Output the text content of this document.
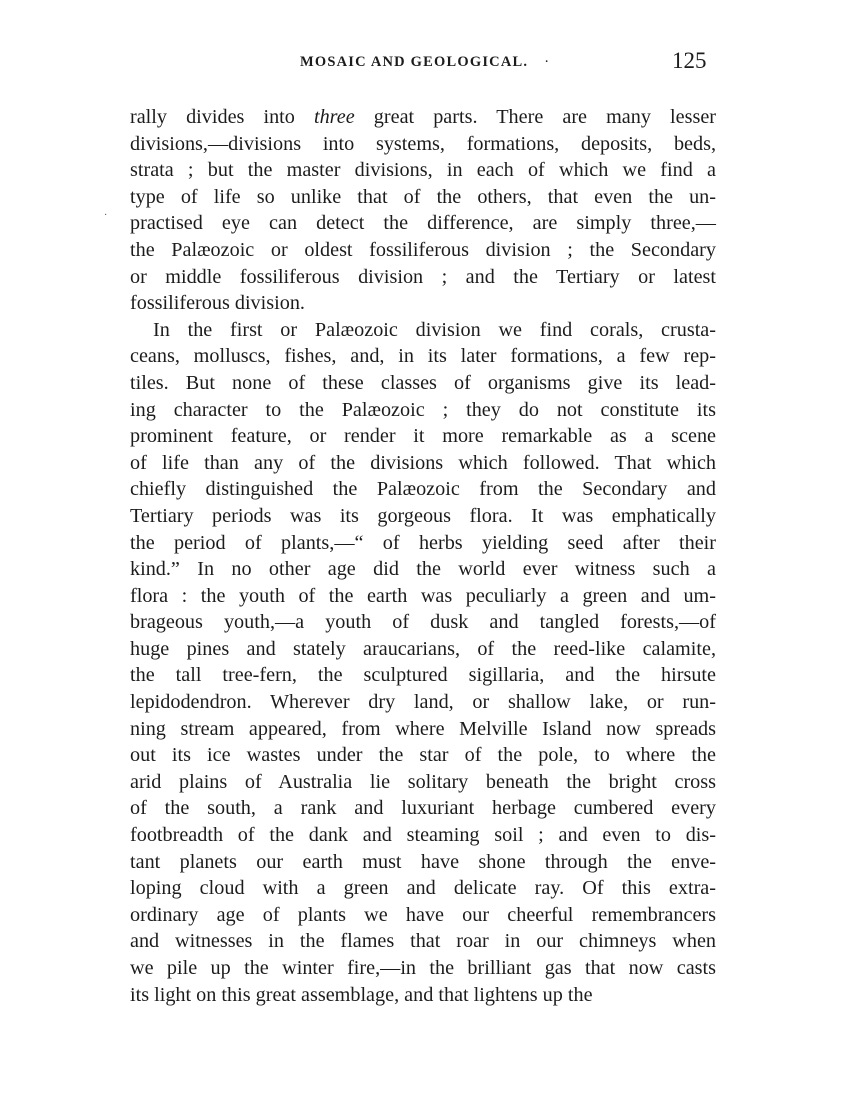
MOSAIC AND GEOLOGICAL. ·	125
·
rally divides into three great parts. There are many lesser
divisions,—divisions into systems, formations, deposits, beds,
strata ; but the master divisions, in each of which we find a
type of life so unlike that of the others, that even the un-
practised eye can detect the difference, are simply three,—
the Palæozoic or oldest fossiliferous division ; the Secondary
or middle fossiliferous division ; and the Tertiary or latest
fossiliferous division.
In the first or Palæozoic division we find corals, crusta-
ceans, molluscs, fishes, and, in its later formations, a few rep-
tiles. But none of these classes of organisms give its lead-
ing character to the Palæozoic ; they do not constitute its
prominent feature, or render it more remarkable as a scene
of life than any of the divisions which followed. That which
chiefly distinguished the Palæozoic from the Secondary and
Tertiary periods was its gorgeous flora. It was emphatically
the period of plants,—“ of herbs yielding seed after their
kind.” In no other age did the world ever witness such a
flora : the youth of the earth was peculiarly a green and um-
brageous youth,—a youth of dusk and tangled forests,—of
huge pines and stately araucarians, of the reed-like calamite,
the tall tree-fern, the sculptured sigillaria, and the hirsute
lepidodendron. Wherever dry land, or shallow lake, or run-
ning stream appeared, from where Melville Island now spreads
out its ice wastes under the star of the pole, to where the
arid plains of Australia lie solitary beneath the bright cross
of the south, a rank and luxuriant herbage cumbered every
footbreadth of the dank and steaming soil ; and even to dis-
tant planets our earth must have shone through the enve-
loping cloud with a green and delicate ray. Of this extra-
ordinary age of plants we have our cheerful remembrancers
and witnesses in the flames that roar in our chimneys when
we pile up the winter fire,—in the brilliant gas that now casts
its light on this great assemblage, and that lightens up the
